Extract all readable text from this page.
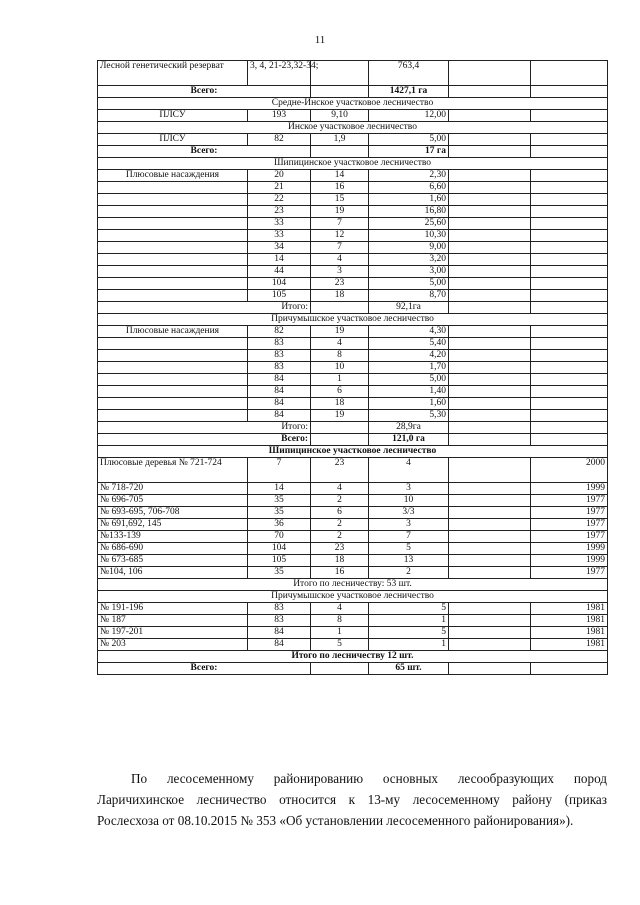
11
Лесной генетический резерват	3, 4, 21-23,32-34;		763,4		
Всего:			1427,1 га		
Средне-Инское участковое лесничество					
ПЛСУ	193	9,10	12,00		
Инское участковое лесничество					
ПЛСУ	82	1,9	5,00		
Всего:			17 га		
Шипицинское участковое лесничество					
Плюсовые насаждения	20	14	2,30		
	21	16	6,60		
	22	15	1,60		
	23	19	16,80		
	33	7	25,60		
	33	12	10,30		
	34	7	9,00		
	14	4	3,20		
	44	3	3,00		
	104	23	5,00		
	105	18	8,70		
Итого:			92,1га		
Причумышское участковое лесничество					
Плюсовые насаждения	82	19	4,30		
	83	4	5,40		
	83	8	4,20		
	83	10	1,70		
	84	1	5,00		
	84	6	1,40		
	84	18	1,60		
	84	19	5,30		
Итого:			28,9га		
Всего:			121,0 га		
Шипицинское участковое лесничество					
Плюсовые деревья № 721-724	7	23	4		2000
№ 718-720	14	4	3		1999
№ 696-705	35	2	10		1977
№ 693-695, 706-708	35	6	3/3		1977
№ 691,692, 145	36	2	3		1977
№133-139	70	2	7		1977
№ 686-690	104	23	5		1999
№ 673-685	105	18	13		1999
№104, 106	35	16	2		1977
Итого по лесничеству: 53 шт.					
Причумышское участковое лесничество					
№ 191-196	83	4	5		1981
№ 187	83	8	1		1981
№ 197-201	84	1	5		1981
№ 203	84	5	1		1981
Итого по лесничеству 12 шт.					
Всего:			65 шт.		

По лесосеменному районированию основных лесообразующих пород Ларичихинское лесничество относится к 13-му лесосеменному району (приказ Рослесхоза от 08.10.2015 № 353 «Об установлении лесосеменного районирования»).
